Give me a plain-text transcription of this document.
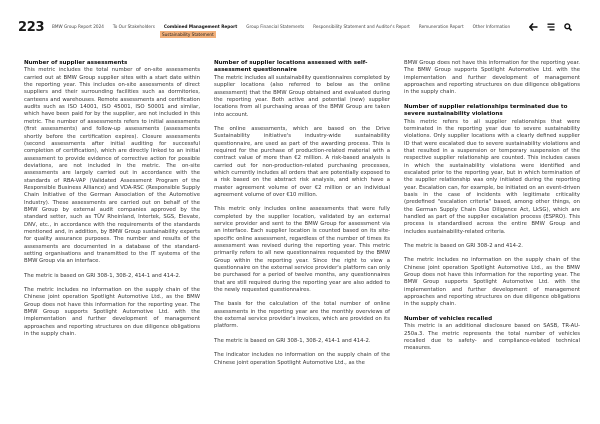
223 BMW Group Report 2024 To Our Stakeholders Combined Management Report Group Financial Statements Responsibility Statement and Auditor's Report Remuneration Report Other Information
Sustainability Statement
Number of supplier assessments

This metric includes the total number of on-site assessments carried out at BMW Group supplier sites with a start date within the reporting year. This includes on-site assessments of direct suppliers and their surrounding facilities such as dormitories, canteens and warehouses. Remote assessments and certification audits such as ISO 14001, ISO 45001, ISO 50001 and similar, which have been paid for by the supplier, are not included in this metric. The number of assessments refers to initial assessments (first assessments) and follow-up assessments (assessments shortly before the certification expires). Closure assessments (second assessments after initial auditing for successful completion of certification), which are directly linked to an initial assessment to provide evidence of corrective action for possible deviations, are not included in the metric. The on-site assessments are largely carried out in accordance with the standards of RBA-VAP (Validated Assessment Program of the Responsible Business Alliance) and VDA-RSC (Responsible Supply Chain Initiative of the German Association of the Automotive Industry). These assessments are carried out on behalf of the BMW Group by external audit companies approved by the standard setter, such as TÜV Rheinland, Intertek, SGS, Elevate, DNV, etc., in accordance with the requirements of the standards mentioned and, in addition, by BMW Group sustainability experts for quality assurance purposes. The number and results of the assessments are documented in a database of the standard-setting organisations and transmitted to the IT systems of the BMW Group via an interface.

The metric is based on GRI 308-1, 308-2, 414-1 and 414-2.

The metric includes no information on the supply chain of the Chinese joint operation Spotlight Automotive Ltd., as the BMW Group does not have this information for the reporting year. The BMW Group supports Spotlight Automotive Ltd. with the implementation and further development of management approaches and reporting structures on due diligence obligations in the supply chain.

Number of supplier locations assessed with self-assessment questionnaire

The metric includes all sustainability questionnaires completed by supplier locations (also referred to below as the online assessment) that the BMW Group obtained and evaluated during the reporting year. Both active and potential (new) supplier locations from all purchasing areas of the BMW Group are taken into account.

The online assessments, which are based on the Drive Sustainability initiative's industry-wide sustainability questionnaire, are used as part of the awarding process. This is required for the purchase of production-related material with a contract value of more than €2 million. A risk-based analysis is carried out for non-production-related purchasing processes, which currently includes all orders that are potentially exposed to a risk based on the abstract risk analysis, and which have a master agreement volume of over €2 million or an individual agreement volume of over €10 million.

This metric only includes online assessments that were fully completed by the supplier location, validated by an external service provider and sent to the BMW Group for assessment via an interface. Each supplier location is counted based on its site-specific online assessment, regardless of the number of times its assessment was revised during the reporting year. This metric primarily refers to all new questionnaires requested by the BMW Group within the reporting year. Since the right to view a questionnaire on the external service provider's platform can only be purchased for a period of twelve months, any questionnaires that are still required during the reporting year are also added to the newly requested questionnaires.

The basis for the calculation of the total number of online assessments in the reporting year are the monthly overviews of the external service provider's invoices, which are provided on its platform.

The metric is based on GRI 308-1, 308-2, 414-1 and 414-2.

The indicator includes no information on the supply chain of the Chinese joint operation Spotlight Automotive Ltd., as the

BMW Group does not have this information for the reporting year. The BMW Group supports Spotlight Automotive Ltd. with the implementation and further development of management approaches and reporting structures on due diligence obligations in the supply chain.

Number of supplier relationships terminated due to severe sustainability violations

This metric refers to all supplier relationships that were terminated in the reporting year due to severe sustainability violations. Only supplier locations with a clearly defined supplier ID that were escalated due to severe sustainability violations and that resulted in a suspension or temporary suspension of the respective supplier relationship are counted. This includes cases in which the sustainability violations were identified and escalated prior to the reporting year, but in which termination of the supplier relationship was only initiated during the reporting year. Escalation can, for example, be initiated on an event-driven basis in the case of incidents with legitimate criticality (predefined "escalation criteria" based, among other things, on the German Supply Chain Due Diligence Act, LkSG), which are handled as part of the supplier escalation process (ESPRO). This process is standardised across the entire BMW Group and includes sustainability-related criteria.

The metric is based on GRI 308-2 and 414-2.

The metric includes no information on the supply chain of the Chinese joint operation Spotlight Automotive Ltd., as the BMW Group does not have this information for the reporting year. The BMW Group supports Spotlight Automotive Ltd. with the implementation and further development of management approaches and reporting structures on due diligence obligations in the supply chain.

Number of vehicles recalled

This metric is an additional disclosure based on SASB, TR-AU-250a.3. The metric represents the total number of vehicles recalled due to safety- and compliance-related technical measures.
